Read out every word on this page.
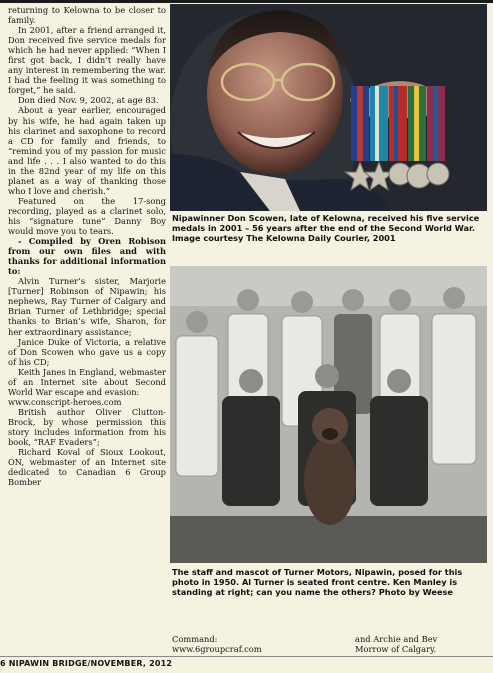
returning to Kelowna to be closer to family.

In 2001, after a friend arranged it, Don received five service medals for which he had never applied: “When I first got back, I didn’t really have any interest in remembering the war. I had the feeling it was something to forget,” he said.

Don died Nov. 9, 2002, at age 83.

About a year earlier, encouraged by his wife, he had again taken up his clarinet and saxophone to record a CD for family and friends, to “remind you of my passion for music and life . . . I also wanted to do this in the 82nd year of my life on this planet as a way of thanking those who I love and cherish.”

Featured on the 17-song recording, played as a clarinet solo, his “signature tune” Danny Boy would move you to tears.

- Compiled by Oren Robison from our own files and with thanks for additional information to:

Alvin Turner’s sister, Marjorie [Turner] Robinson of Nipawin; his nephews, Ray Turner of Calgary and Brian Turner of Lethbridge; special thanks to Brian’s wife, Sharon, for her extraordinary assistance;

Janice Duke of Victoria, a relative of Don Scowen who gave us a copy of his CD;

Keith Janes in England, webmaster of an Internet site about Second World War escape and evasion:

www.conscript-heroes.com

British author Oliver Clutton-Brock, by whose permission this story includes information from his book, “RAF Evaders”;

Richard Koval of Sioux Lookout, ON, webmaster of an Internet site dedicated to Canadian 6 Group Bomber

Nipawinner Don Scowen, late of Kelowna, received his five service medals in 2001 – 56 years after the end of the Second World War. Image courtesy The Kelowna Daily Courier, 2001
The staff and mascot of Turner Motors, Nipawin, posed for this photo in 1950. Al Turner is seated front centre. Ken Manley is standing at right; can you name the others? Photo by Weese
Command:
www.6groupcraf.com
and Archie and Bev
Morrow of Calgary.
6 NIPAWIN BRIDGE/NOVEMBER, 2012
